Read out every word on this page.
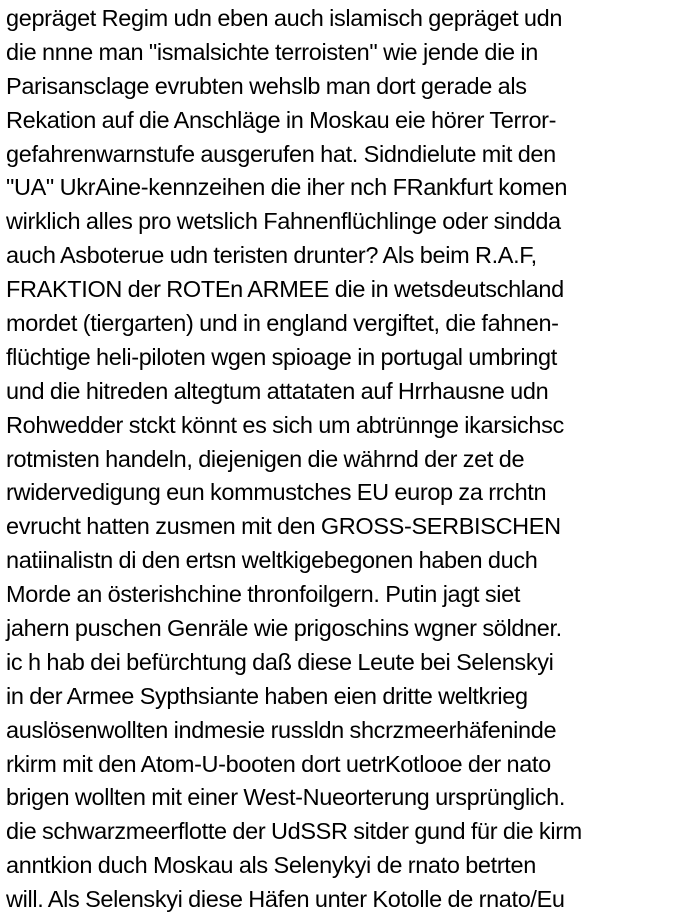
gepräget Regim udn eben auch islamisch gepräget udn
die nnne man "ismalsichte terroisten" wie jende die in
Parisansclage evrubten wehslb man dort gerade als
Rekation auf die Anschläge in Moskau eie hörer Terror-
gefahrenwarnstufe ausgerufen hat. Sidndielute mit den
"UA" UkrAine-kennzeihen die iher nch FRankfurt komen
wirklich alles pro wetslich Fahnenflüchlinge oder sindda
auch Asboterue udn teristen drunter? Als beim R.A.F,
FRAKTION der ROTEn ARMEE die in wetsdeutschland
mordet (tiergarten) und in england vergiftet, die fahnen-
flüchtige heli-piloten wgen spioage in portugal umbringt
und die hitreden altegtum attataten auf Hrrhausne udn
Rohwedder stckt könnt es sich um abtrünnge ikarsichsc
rotmisten handeln, diejenigen die währnd der zet de
rwidervedigung eun kommustches EU europ za rrchtn
evrucht hatten zusmen mit den GROSS-SERBISCHEN
natiinalistn di den ertsn weltkigebegonen haben duch
Morde an österishchine thronfoilgern. Putin jagt siet
jahern puschen Genräle wie prigoschins wgner söldner.
ic h hab dei befürchtung daß diese Leute bei Selenskyi
in der Armee Sypthsiante haben eien dritte weltkrieg
auslösenwollten indmesie russldn shcrzmeerhäfeninde
rkirm mit den Atom-U-booten dort uetrKotlooe der nato
brigen wollten mit einer West-Nueorterung ursprünglich.
die schwarzmeerflotte der UdSSR sitder gund für die kirm
anntkion duch Moskau als Selenykyi de rnato betrten
will. Als Selenskyi diese Häfen unter Kotolle de rnato/Eu
